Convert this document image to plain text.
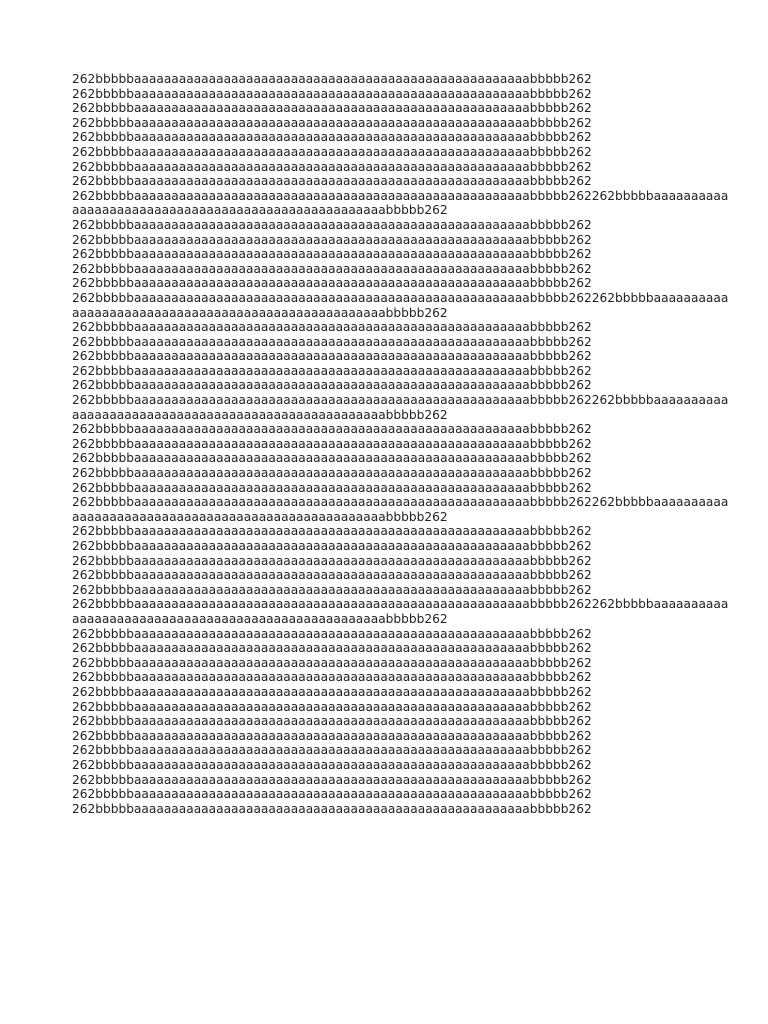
262bbbbbaaaaaaaaaaaaaaaaaaaaaaaaaaaaaaaaaaaaaaaaaaaaaaaaaaaaabbbbb262
262bbbbbaaaaaaaaaaaaaaaaaaaaaaaaaaaaaaaaaaaaaaaaaaaaaaaaaaaaabbbbb262
262bbbbbaaaaaaaaaaaaaaaaaaaaaaaaaaaaaaaaaaaaaaaaaaaaaaaaaaaaabbbbb262
262bbbbbaaaaaaaaaaaaaaaaaaaaaaaaaaaaaaaaaaaaaaaaaaaaaaaaaaaaabbbbb262
262bbbbbaaaaaaaaaaaaaaaaaaaaaaaaaaaaaaaaaaaaaaaaaaaaaaaaaaaaabbbbb262
262bbbbbaaaaaaaaaaaaaaaaaaaaaaaaaaaaaaaaaaaaaaaaaaaaaaaaaaaaabbbbb262
262bbbbbaaaaaaaaaaaaaaaaaaaaaaaaaaaaaaaaaaaaaaaaaaaaaaaaaaaaabbbbb262
262bbbbbaaaaaaaaaaaaaaaaaaaaaaaaaaaaaaaaaaaaaaaaaaaaaaaaaaaaabbbbb262
262bbbbbaaaaaaaaaaaaaaaaaaaaaaaaaaaaaaaaaaaaaaaaaaaaaaaaaaaaabbbbb262262bbbbbaaaaaaaaaa
aaaaaaaaaaaaaaaaaaaaaaaaaaaaaaaaaaaaaaaaaabbbbb262
262bbbbbaaaaaaaaaaaaaaaaaaaaaaaaaaaaaaaaaaaaaaaaaaaaaaaaaaaaabbbbb262
262bbbbbaaaaaaaaaaaaaaaaaaaaaaaaaaaaaaaaaaaaaaaaaaaaaaaaaaaaabbbbb262
262bbbbbaaaaaaaaaaaaaaaaaaaaaaaaaaaaaaaaaaaaaaaaaaaaaaaaaaaaabbbbb262
262bbbbbaaaaaaaaaaaaaaaaaaaaaaaaaaaaaaaaaaaaaaaaaaaaaaaaaaaaabbbbb262
262bbbbbaaaaaaaaaaaaaaaaaaaaaaaaaaaaaaaaaaaaaaaaaaaaaaaaaaaaabbbbb262
262bbbbbaaaaaaaaaaaaaaaaaaaaaaaaaaaaaaaaaaaaaaaaaaaaaaaaaaaaabbbbb262262bbbbbaaaaaaaaaa
aaaaaaaaaaaaaaaaaaaaaaaaaaaaaaaaaaaaaaaaaabbbbb262
262bbbbbaaaaaaaaaaaaaaaaaaaaaaaaaaaaaaaaaaaaaaaaaaaaaaaaaaaaabbbbb262
262bbbbbaaaaaaaaaaaaaaaaaaaaaaaaaaaaaaaaaaaaaaaaaaaaaaaaaaaaabbbbb262
262bbbbbaaaaaaaaaaaaaaaaaaaaaaaaaaaaaaaaaaaaaaaaaaaaaaaaaaaaabbbbb262
262bbbbbaaaaaaaaaaaaaaaaaaaaaaaaaaaaaaaaaaaaaaaaaaaaaaaaaaaaabbbbb262
262bbbbbaaaaaaaaaaaaaaaaaaaaaaaaaaaaaaaaaaaaaaaaaaaaaaaaaaaaabbbbb262
262bbbbbaaaaaaaaaaaaaaaaaaaaaaaaaaaaaaaaaaaaaaaaaaaaaaaaaaaaabbbbb262262bbbbbaaaaaaaaaa
aaaaaaaaaaaaaaaaaaaaaaaaaaaaaaaaaaaaaaaaaabbbbb262
262bbbbbaaaaaaaaaaaaaaaaaaaaaaaaaaaaaaaaaaaaaaaaaaaaaaaaaaaaabbbbb262
262bbbbbaaaaaaaaaaaaaaaaaaaaaaaaaaaaaaaaaaaaaaaaaaaaaaaaaaaaabbbbb262
262bbbbbaaaaaaaaaaaaaaaaaaaaaaaaaaaaaaaaaaaaaaaaaaaaaaaaaaaaabbbbb262
262bbbbbaaaaaaaaaaaaaaaaaaaaaaaaaaaaaaaaaaaaaaaaaaaaaaaaaaaaabbbbb262
262bbbbbaaaaaaaaaaaaaaaaaaaaaaaaaaaaaaaaaaaaaaaaaaaaaaaaaaaaabbbbb262
262bbbbbaaaaaaaaaaaaaaaaaaaaaaaaaaaaaaaaaaaaaaaaaaaaaaaaaaaaabbbbb262262bbbbbaaaaaaaaaa
aaaaaaaaaaaaaaaaaaaaaaaaaaaaaaaaaaaaaaaaaabbbbb262
262bbbbbaaaaaaaaaaaaaaaaaaaaaaaaaaaaaaaaaaaaaaaaaaaaaaaaaaaaabbbbb262
262bbbbbaaaaaaaaaaaaaaaaaaaaaaaaaaaaaaaaaaaaaaaaaaaaaaaaaaaaabbbbb262
262bbbbbaaaaaaaaaaaaaaaaaaaaaaaaaaaaaaaaaaaaaaaaaaaaaaaaaaaaabbbbb262
262bbbbbaaaaaaaaaaaaaaaaaaaaaaaaaaaaaaaaaaaaaaaaaaaaaaaaaaaaabbbbb262
262bbbbbaaaaaaaaaaaaaaaaaaaaaaaaaaaaaaaaaaaaaaaaaaaaaaaaaaaaabbbbb262
262bbbbbaaaaaaaaaaaaaaaaaaaaaaaaaaaaaaaaaaaaaaaaaaaaaaaaaaaaabbbbb262262bbbbbaaaaaaaaaa
aaaaaaaaaaaaaaaaaaaaaaaaaaaaaaaaaaaaaaaaaabbbbb262
262bbbbbaaaaaaaaaaaaaaaaaaaaaaaaaaaaaaaaaaaaaaaaaaaaaaaaaaaaabbbbb262
262bbbbbaaaaaaaaaaaaaaaaaaaaaaaaaaaaaaaaaaaaaaaaaaaaaaaaaaaaabbbbb262
262bbbbbaaaaaaaaaaaaaaaaaaaaaaaaaaaaaaaaaaaaaaaaaaaaaaaaaaaaabbbbb262
262bbbbbaaaaaaaaaaaaaaaaaaaaaaaaaaaaaaaaaaaaaaaaaaaaaaaaaaaaabbbbb262
262bbbbbaaaaaaaaaaaaaaaaaaaaaaaaaaaaaaaaaaaaaaaaaaaaaaaaaaaaabbbbb262
262bbbbbaaaaaaaaaaaaaaaaaaaaaaaaaaaaaaaaaaaaaaaaaaaaaaaaaaaaabbbbb262
262bbbbbaaaaaaaaaaaaaaaaaaaaaaaaaaaaaaaaaaaaaaaaaaaaaaaaaaaaabbbbb262
262bbbbbaaaaaaaaaaaaaaaaaaaaaaaaaaaaaaaaaaaaaaaaaaaaaaaaaaaaabbbbb262
262bbbbbaaaaaaaaaaaaaaaaaaaaaaaaaaaaaaaaaaaaaaaaaaaaaaaaaaaaabbbbb262
262bbbbbaaaaaaaaaaaaaaaaaaaaaaaaaaaaaaaaaaaaaaaaaaaaaaaaaaaaabbbbb262
262bbbbbaaaaaaaaaaaaaaaaaaaaaaaaaaaaaaaaaaaaaaaaaaaaaaaaaaaaabbbbb262
262bbbbbaaaaaaaaaaaaaaaaaaaaaaaaaaaaaaaaaaaaaaaaaaaaaaaaaaaaabbbbb262
262bbbbbaaaaaaaaaaaaaaaaaaaaaaaaaaaaaaaaaaaaaaaaaaaaaaaaaaaaabbbbb262
